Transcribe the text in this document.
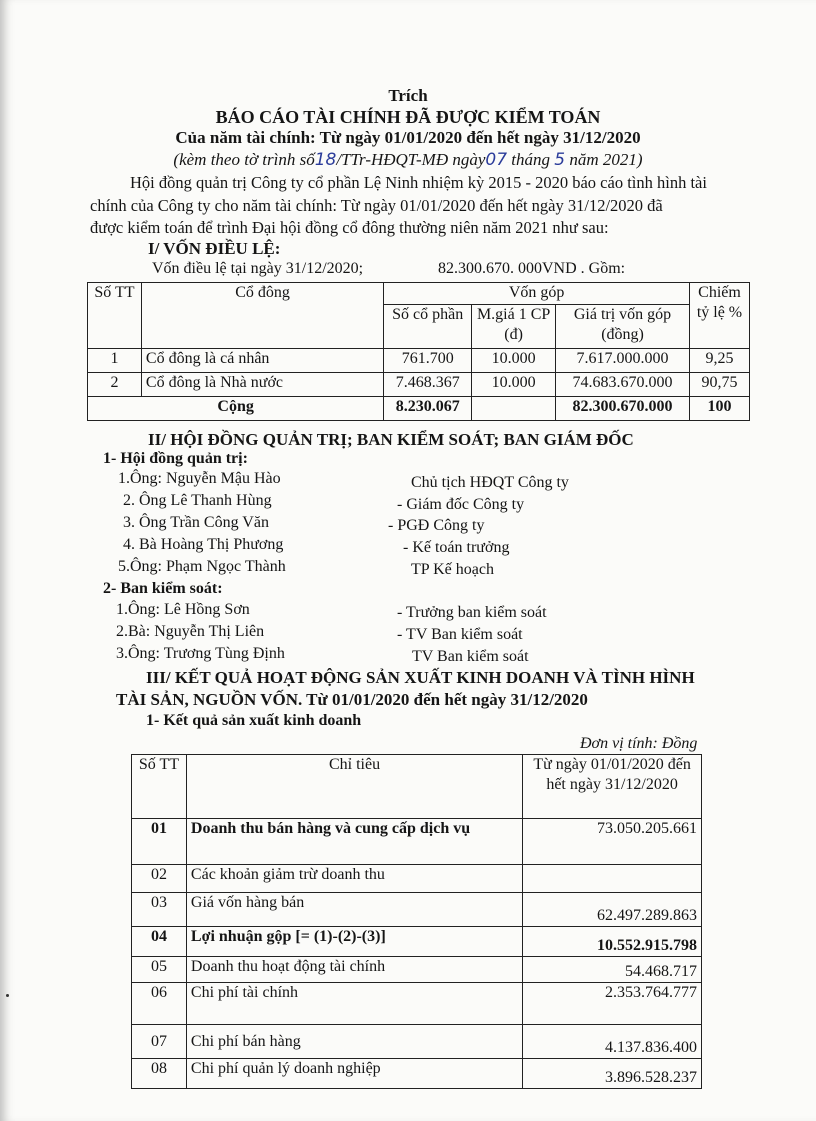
Trích
BÁO CÁO TÀI CHÍNH ĐÃ ĐƯỢC KIỂM TOÁN
Của năm tài chính: Từ ngày 01/01/2020 đến hết ngày 31/12/2020
(kèm theo tờ trình số18/TTr-HĐQT-MĐ ngày07 tháng 5 năm 2021)
Hội đồng quản trị Công ty cổ phần Lệ Ninh nhiệm kỳ 2015 - 2020 báo cáo tình hình tài
chính của Công ty cho năm tài chính: Từ ngày 01/01/2020 đến hết ngày 31/12/2020 đã
được kiểm toán để trình Đại hội đồng cổ đông thường niên năm 2021 như sau:
I/ VỐN ĐIỀU LỆ:
Vốn điều lệ tại ngày 31/12/2020;	82.300.670. 000VND . Gồm:
Số TT	Cổ đông	Vốn góp			Chiếm tỷ lệ %
		Số cổ phần	M.giá 1 CP (đ)	Giá trị vốn góp (đồng)	
1	Cổ đông là cá nhân	761.700	10.000	7.617.000.000	9,25
2	Cổ đông là Nhà nước	7.468.367	10.000	74.683.670.000	90,75
Cộng		8.230.067		82.300.670.000	100
II/ HỘI ĐỒNG QUẢN TRỊ; BAN KIỂM SOÁT; BAN GIÁM ĐỐC
1- Hội đồng quản trị:
1.Ông: Nguyễn Mậu Hào	Chủ tịch HĐQT Công ty
2. Ông Lê Thanh Hùng	- Giám đốc Công ty
3. Ông Trần Công Văn	- PGĐ Công ty
4. Bà Hoàng Thị Phương	- Kế toán trưởng
5.Ông: Phạm Ngọc Thành	TP Kế hoạch
2- Ban kiểm soát:
1.Ông: Lê Hồng Sơn	- Trưởng ban kiểm soát
2.Bà: Nguyễn Thị Liên	- TV Ban kiểm soát
3.Ông: Trương Tùng Định	TV Ban kiểm soát
III/ KẾT QUẢ HOẠT ĐỘNG SẢN XUẤT KINH DOANH VÀ TÌNH HÌNH
TÀI SẢN, NGUỒN VỐN. Từ 01/01/2020 đến hết ngày 31/12/2020
1- Kết quả sản xuất kinh doanh
Đơn vị tính: Đồng
Số TT	Chỉ tiêu	Từ ngày 01/01/2020 đến hết ngày 31/12/2020
01	Doanh thu bán hàng và cung cấp dịch vụ	73.050.205.661
02	Các khoản giảm trừ doanh thu	
03	Giá vốn hàng bán	62.497.289.863
04	Lợi nhuận gộp [= (1)-(2)-(3)]	10.552.915.798
05	Doanh thu hoạt động tài chính	54.468.717
06	Chi phí tài chính	2.353.764.777
07	Chi phí bán hàng	4.137.836.400
08	Chi phí quản lý doanh nghiệp	3.896.528.237
